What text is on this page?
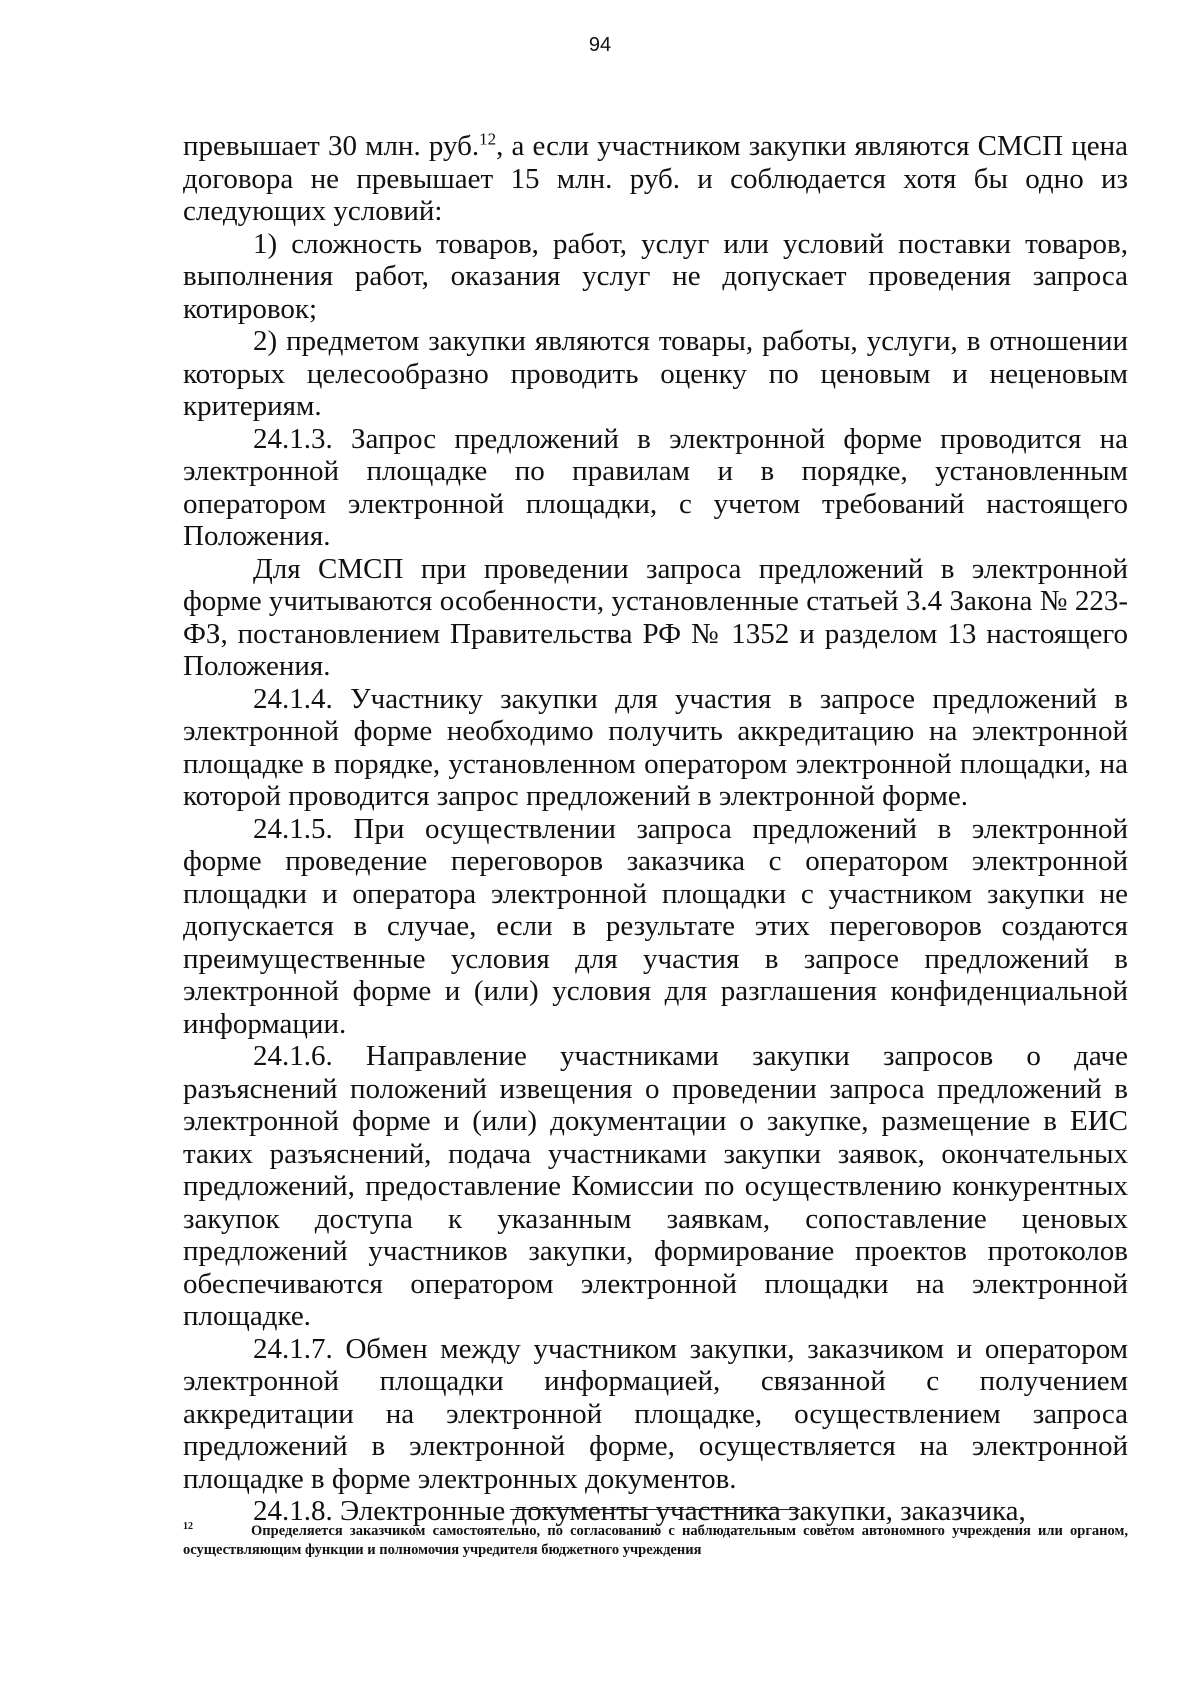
94

превышает 30 млн. руб.$^{12}$, а если участником закупки являются СМСП цена договора не превышает 15 млн. руб. и соблюдается хотя бы одно из следующих условий:

1) сложность товаров, работ, услуг или условий поставки товаров, выполнения работ, оказания услуг не допускает проведения запроса котировок;

2) предметом закупки являются товары, работы, услуги, в отношении которых целесообразно проводить оценку по ценовым и неценовым критериям.

24.1.3. Запрос предложений в электронной форме проводится на электронной площадке по правилам и в порядке, установленным оператором электронной площадки, с учетом требований настоящего Положения.

Для СМСП при проведении запроса предложений в электронной форме учитываются особенности, установленные статьей 3.4 Закона № 223-ФЗ, постановлением Правительства РФ № 1352 и разделом 13 настоящего Положения.

24.1.4. Участнику закупки для участия в запросе предложений в электронной форме необходимо получить аккредитацию на электронной площадке в порядке, установленном оператором электронной площадки, на которой проводится запрос предложений в электронной форме.

24.1.5. При осуществлении запроса предложений в электронной форме проведение переговоров заказчика с оператором электронной площадки и оператора электронной площадки с участником закупки не допускается в случае, если в результате этих переговоров создаются преимущественные условия для участия в запросе предложений в электронной форме и (или) условия для разглашения конфиденциальной информации.

24.1.6. Направление участниками закупки запросов о даче разъяснений положений извещения о проведении запроса предложений в электронной форме и (или) документации о закупке, размещение в ЕИС таких разъяснений, подача участниками закупки заявок, окончательных предложений, предоставление Комиссии по осуществлению конкурентных закупок доступа к указанным заявкам, сопоставление ценовых предложений участников закупки, формирование проектов протоколов обеспечиваются оператором электронной площадки на электронной площадке.

24.1.7. Обмен между участником закупки, заказчиком и оператором электронной площадки информацией, связанной с получением аккредитации на электронной площадке, осуществлением запроса предложений в электронной форме, осуществляется на электронной площадке в форме электронных документов.

24.1.8. Электронные документы участника закупки, заказчика,

$^{12}$	Определяется заказчиком самостоятельно, по согласованию с наблюдательным советом автономного учреждения или органом, осуществляющим функции и полномочия учредителя бюджетного учреждения
